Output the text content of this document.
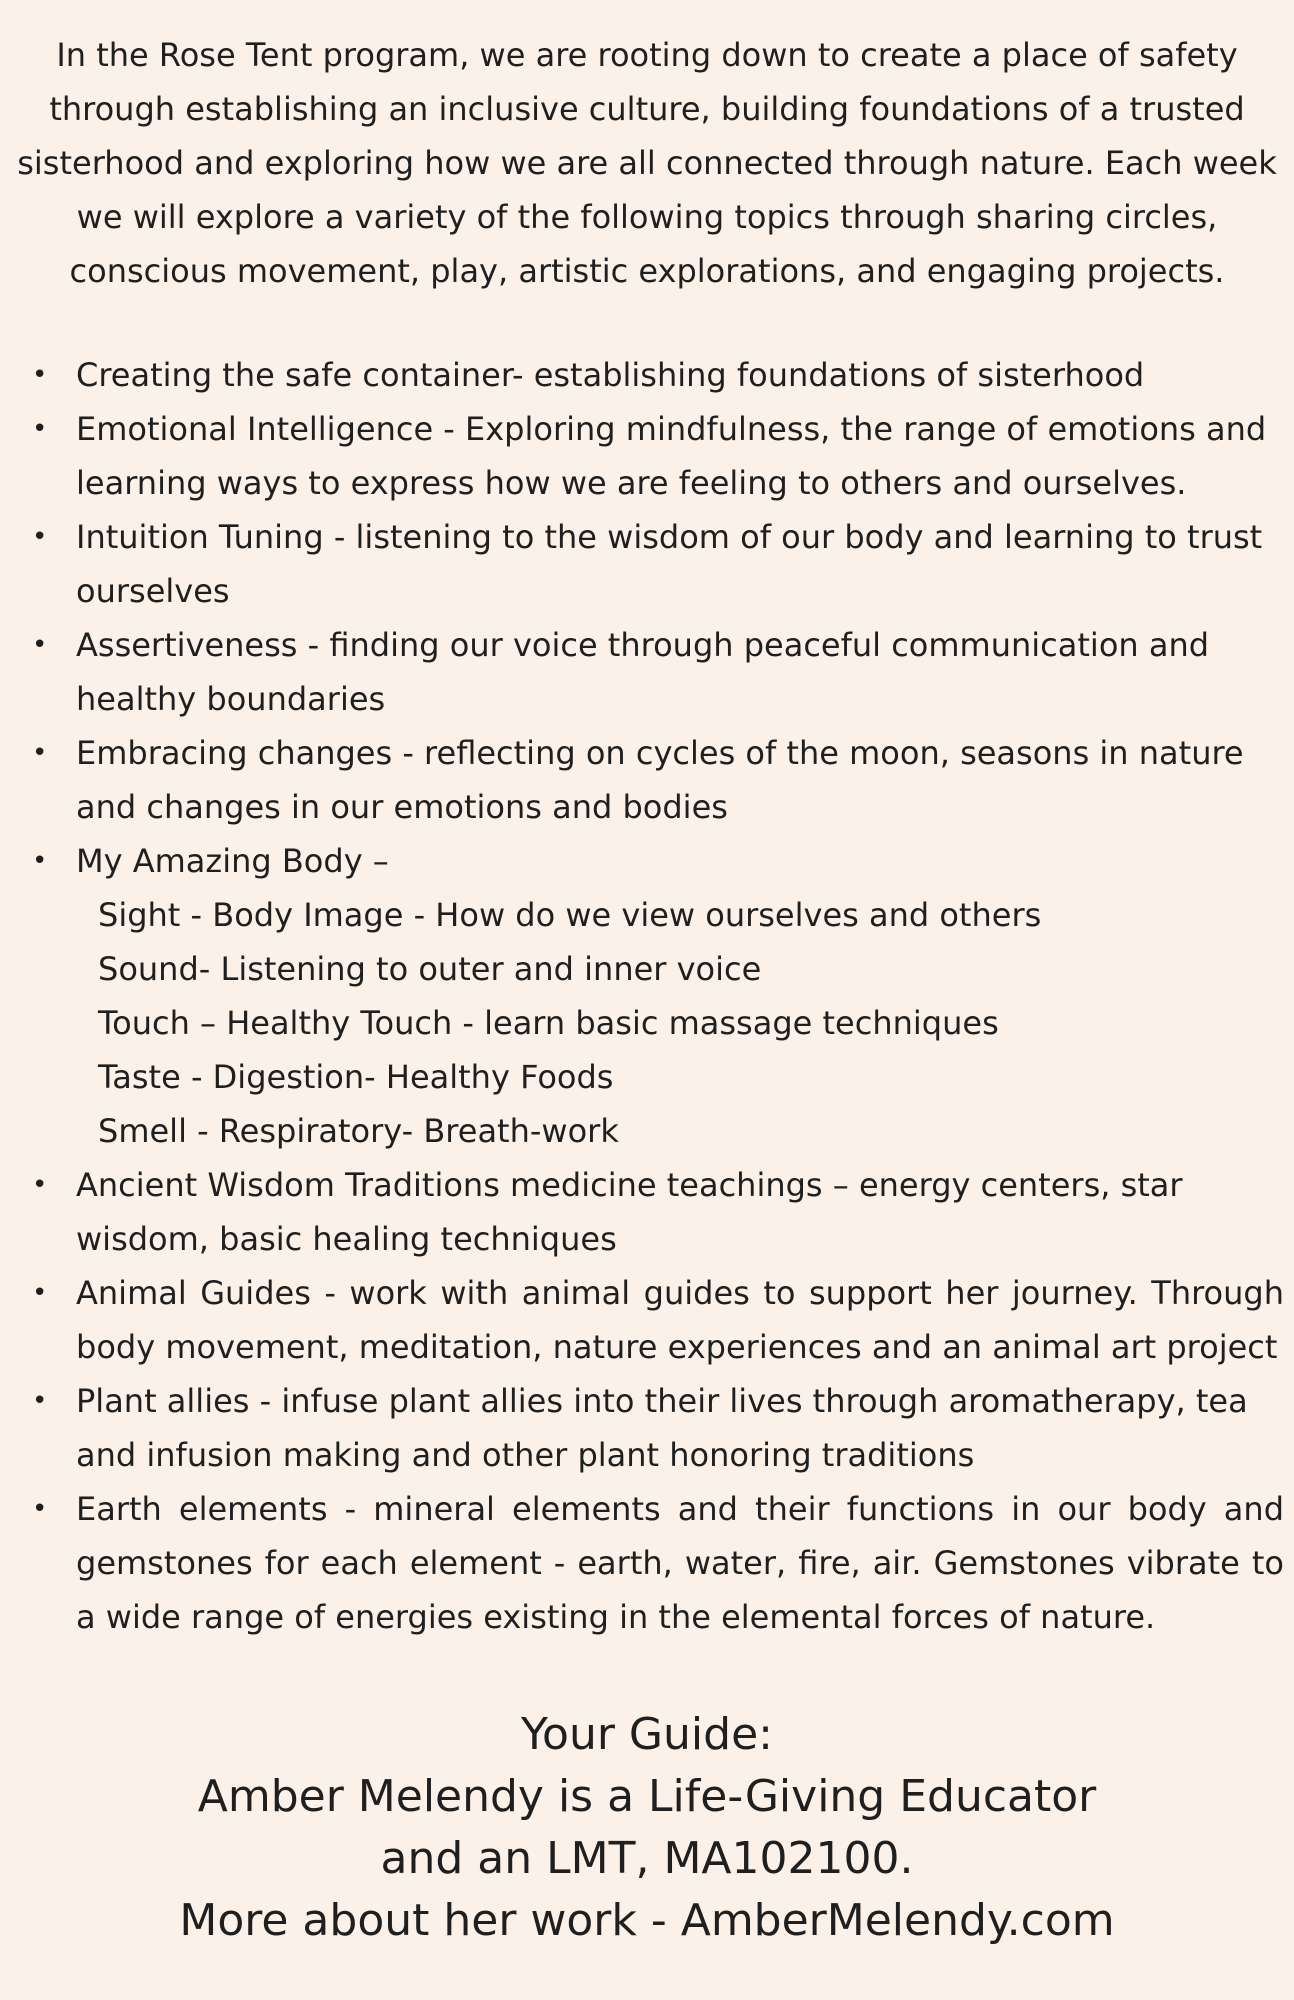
In the Rose Tent program, we are rooting down to create a place of safety through establishing an inclusive culture, building foundations of a trusted sisterhood and exploring how we are all connected through nature. Each week we will explore a variety of the following topics through sharing circles, conscious movement, play, artistic explorations, and engaging projects.

• Creating the safe container- establishing foundations of sisterhood
• Emotional Intelligence - Exploring mindfulness, the range of emotions and learning ways to express how we are feeling to others and ourselves.
• Intuition Tuning - listening to the wisdom of our body and learning to trust ourselves
• Assertiveness - finding our voice through peaceful communication and healthy boundaries
• Embracing changes - reflecting on cycles of the moon, seasons in nature and changes in our emotions and bodies
• My Amazing Body –
Sight - Body Image - How do we view ourselves and others
Sound- Listening to outer and inner voice
Touch – Healthy Touch - learn basic massage techniques
Taste - Digestion- Healthy Foods
Smell - Respiratory- Breath-work
• Ancient Wisdom Traditions medicine teachings – energy centers, star wisdom, basic healing techniques
• Animal Guides - work with animal guides to support her journey. Through body movement, meditation, nature experiences and an animal art project
• Plant allies - infuse plant allies into their lives through aromatherapy, tea and infusion making and other plant honoring traditions
• Earth elements - mineral elements and their functions in our body and gemstones for each element - earth, water, fire, air. Gemstones vibrate to a wide range of energies existing in the elemental forces of nature.
Your Guide:
Amber Melendy is a Life-Giving Educator
and an LMT, MA102100.
More about her work - AmberMelendy.com
